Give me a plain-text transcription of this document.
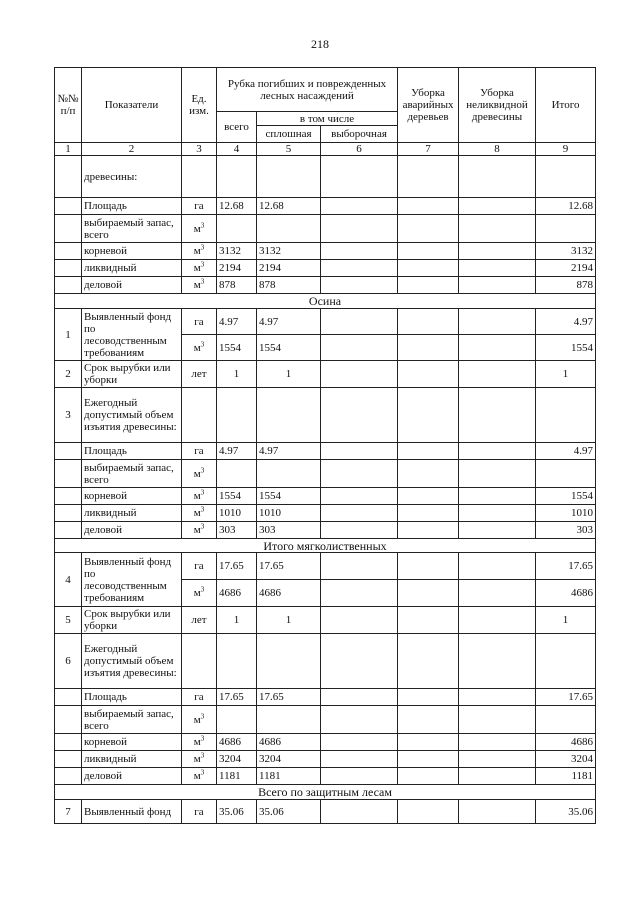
218
№№ п/п	Показатели	Ед. изм.	Рубка погибших и поврежденных лесных насаждений			Уборка аварийных деревьев	Уборка неликвидной древесины	Итого
			всего	в том числе				
				сплошная	выборочная			
1	2	3	4	5	6	7	8	9
	древесины:							
	Площадь	га	12.68	12.68				12.68
	выбираемый запас, всего	$м^3$						
	корневой	$м^3$	3132	3132				3132
	ликвидный	$м^3$	2194	2194				2194
	деловой	$м^3$	878	878				878
Осина								
1	Выявленный фонд по лесоводственным требованиям	га	4.97	4.97				4.97
		$м^3$	1554	1554				1554
2	Срок вырубки или уборки	лет	1	1				1
3	Ежегодный допустимый объем изъятия древесины:							
	Площадь	га	4.97	4.97				4.97
	выбираемый запас, всего	$м^3$						
	корневой	$м^3$	1554	1554				1554
	ликвидный	$м^3$	1010	1010				1010
	деловой	$м^3$	303	303				303
Итого мягколиственных								
4	Выявленный фонд по лесоводственным требованиям	га	17.65	17.65				17.65
		$м^3$	4686	4686				4686
5	Срок вырубки или уборки	лет	1	1				1
6	Ежегодный допустимый объем изъятия древесины:							
	Площадь	га	17.65	17.65				17.65
	выбираемый запас, всего	$м^3$						
	корневой	$м^3$	4686	4686				4686
	ликвидный	$м^3$	3204	3204				3204
	деловой	$м^3$	1181	1181				1181
Всего по защитным лесам								
7	Выявленный фонд	га	35.06	35.06				35.06
